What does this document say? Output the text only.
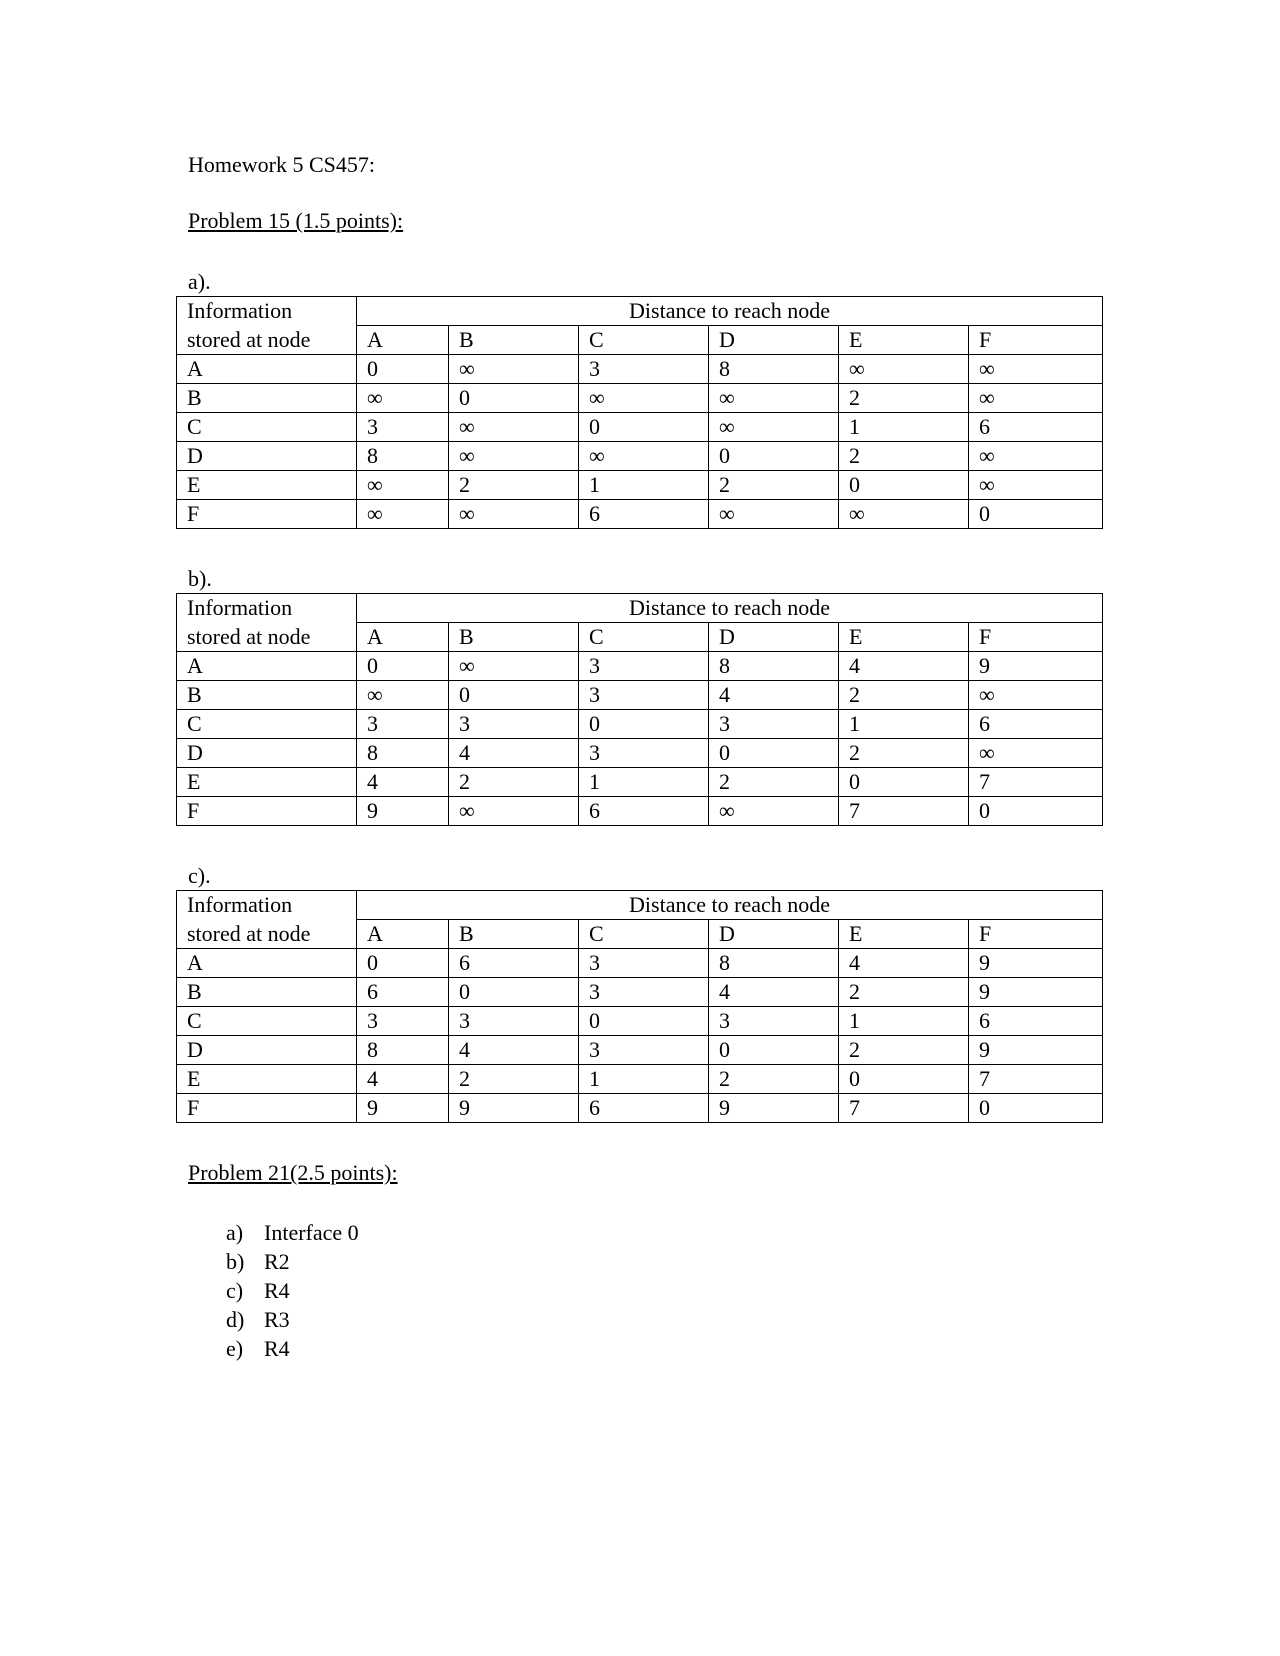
Homework 5 CS457:
Problem 15 (1.5 points):
a).
Information	Distance to reach node					
stored at node	A	B	C	D	E	F
A	0	∞	3	8	∞	∞
B	∞	0	∞	∞	2	∞
C	3	∞	0	∞	1	6
D	8	∞	∞	0	2	∞
E	∞	2	1	2	0	∞
F	∞	∞	6	∞	∞	0
b).
Information	Distance to reach node					
stored at node	A	B	C	D	E	F
A	0	∞	3	8	4	9
B	∞	0	3	4	2	∞
C	3	3	0	3	1	6
D	8	4	3	0	2	∞
E	4	2	1	2	0	7
F	9	∞	6	∞	7	0
c).
Information	Distance to reach node					
stored at node	A	B	C	D	E	F
A	0	6	3	8	4	9
B	6	0	3	4	2	9
C	3	3	0	3	1	6
D	8	4	3	0	2	9
E	4	2	1	2	0	7
F	9	9	6	9	7	0
Problem 21(2.5 points):
a) Interface 0
b) R2
c) R4
d) R3
e) R4
